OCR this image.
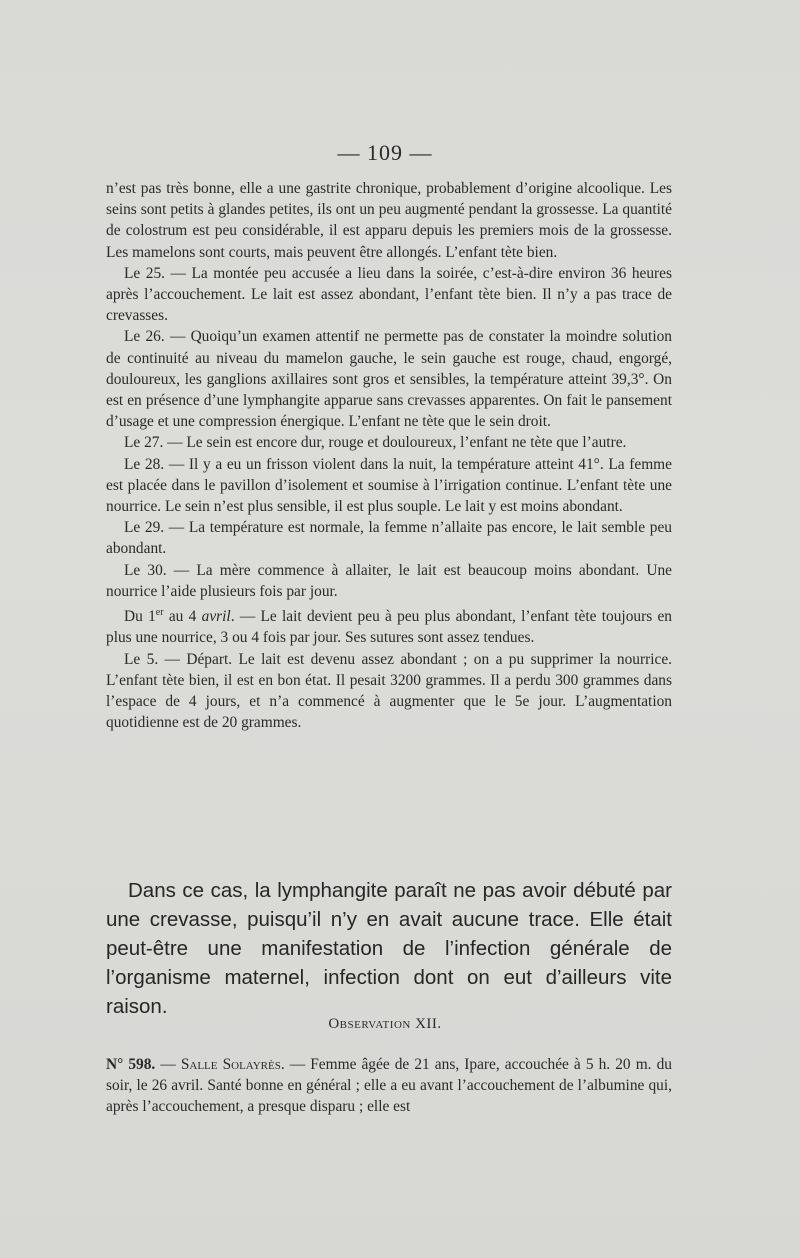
— 109 —

n’est pas très bonne, elle a une gastrite chronique, probablement d’origine alcoolique. Les seins sont petits à glandes petites, ils ont un peu augmenté pendant la grossesse. La quantité de colostrum est peu considérable, il est apparu depuis les premiers mois de la grossesse. Les mamelons sont courts, mais peuvent être allongés. L’enfant tète bien.

Le 25. — La montée peu accusée a lieu dans la soirée, c’est-à-dire environ 36 heures après l’accouchement. Le lait est assez abondant, l’enfant tète bien. Il n’y a pas trace de crevasses.

Le 26. — Quoiqu’un examen attentif ne permette pas de constater la moindre solution de continuité au niveau du mamelon gauche, le sein gauche est rouge, chaud, engorgé, douloureux, les ganglions axillaires sont gros et sensibles, la température atteint 39,3°. On est en présence d’une lymphangite apparue sans crevasses apparentes. On fait le pansement d’usage et une compression énergique. L’enfant ne tète que le sein droit.

Le 27. — Le sein est encore dur, rouge et douloureux, l’enfant ne tète que l’autre.

Le 28. — Il y a eu un frisson violent dans la nuit, la température atteint 41°. La femme est placée dans le pavillon d’isolement et soumise à l’irrigation continue. L’enfant tète une nourrice. Le sein n’est plus sensible, il est plus souple. Le lait y est moins abondant.

Le 29. — La température est normale, la femme n’allaite pas encore, le lait semble peu abondant.

Le 30. — La mère commence à allaiter, le lait est beaucoup moins abondant. Une nourrice l’aide plusieurs fois par jour.

Du 1er au 4 avril. — Le lait devient peu à peu plus abondant, l’enfant tète toujours en plus une nourrice, 3 ou 4 fois par jour. Ses sutures sont assez tendues.

Le 5. — Départ. Le lait est devenu assez abondant ; on a pu supprimer la nourrice. L’enfant tète bien, il est en bon état. Il pesait 3200 grammes. Il a perdu 300 grammes dans l’espace de 4 jours, et n’a commencé à augmenter que le 5e jour. L’augmentation quotidienne est de 20 grammes.

Dans ce cas, la lymphangite paraît ne pas avoir débuté par une crevasse, puisqu’il n’y en avait aucune trace. Elle était peut-être une manifestation de l’infection générale de l’organisme maternel, infection dont on eut d’ailleurs vite raison.

Observation XII.

N° 598. — Salle Solayrès. — Femme âgée de 21 ans, Ipare, accouchée à 5 h. 20 m. du soir, le 26 avril. Santé bonne en général ; elle a eu avant l’accouchement de l’albumine qui, après l’accouchement, a presque disparu ; elle est
